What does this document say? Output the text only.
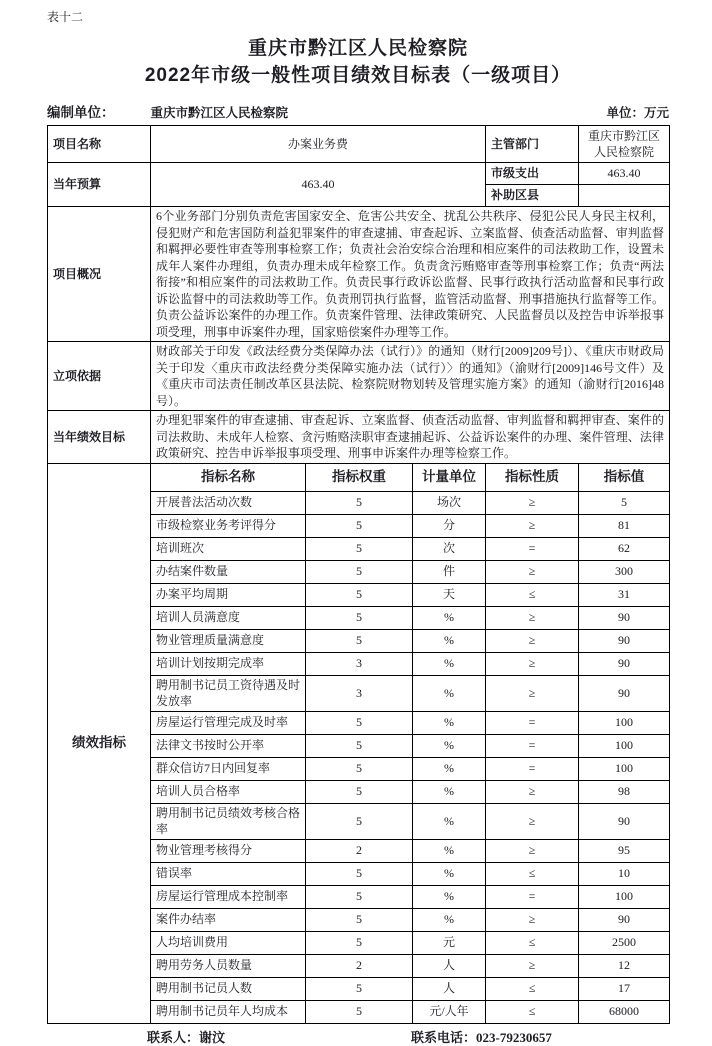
表十二
重庆市黔江区人民检察院
2022年市级一般性项目绩效目标表（一级项目）
编制单位：	重庆市黔江区人民检察院	单位：万元
项目名称	办案业务费			主管部门	重庆市黔江区人民检察院
当年预算	463.40			市级支出	463.40
				补助区县	
项目概况	6个业务部门分别负责危害国家安全、危害公共安全、扰乱公共秩序、侵犯公民人身民主权利，侵犯财产和危害国防利益犯罪案件的审查逮捕、审查起诉、立案监督、侦查活动监督、审判监督和羁押必要性审查等刑事检察工作；负责社会治安综合治理和相应案件的司法救助工作，设置未成年人案件办理组，负责办理未成年检察工作。负责贪污贿赂审查等刑事检察工作；负责“两法衔接”和相应案件的司法救助工作。负责民事行政诉讼监督、民事行政执行活动监督和民事行政诉讼监督中的司法救助等工作。负责刑罚执行监督，监管活动监督、刑事措施执行监督等工作。负责公益诉讼案件的办理工作。负责案件管理、法律政策研究、人民监督员以及控告申诉举报事项受理，刑事申诉案件办理，国家赔偿案件办理等工作。				
立项依据	财政部关于印发《政法经费分类保障办法（试行）》的通知（财行[2009]209号]）、《重庆市财政局关于印发〈重庆市政法经费分类保障实施办法（试行）〉的通知》（渝财行[2009]146号文件）及《重庆市司法责任制改革区县法院、检察院财物划转及管理实施方案》的通知（渝财行[2016]48号）。				
当年绩效目标	办理犯罪案件的审查逮捕、审查起诉、立案监督、侦查活动监督、审判监督和羁押审查、案件的司法救助、未成年人检察、贪污贿赂渎职审查逮捕起诉、公益诉讼案件的办理、案件管理、法律政策研究、控告申诉举报事项受理、刑事申诉案件办理等检察工作。				
绩效指标	指标名称	指标权重	计量单位	指标性质	指标值
	开展普法活动次数	5	场次	≥	5
	市级检察业务考评得分	5	分	≥	81
	培训班次	5	次	=	62
	办结案件数量	5	件	≥	300
	办案平均周期	5	天	≤	31
	培训人员满意度	5	%	≥	90
	物业管理质量满意度	5	%	≥	90
	培训计划按期完成率	3	%	≥	90
	聘用制书记员工资待遇及时发放率	3	%	≥	90
	房屋运行管理完成及时率	5	%	=	100
	法律文书按时公开率	5	%	=	100
	群众信访7日内回复率	5	%	=	100
	培训人员合格率	5	%	≥	98
	聘用制书记员绩效考核合格率	5	%	≥	90
	物业管理考核得分	2	%	≥	95
	错误率	5	%	≤	10
	房屋运行管理成本控制率	5	%	=	100
	案件办结率	5	%	≥	90
	人均培训费用	5	元	≤	2500
	聘用劳务人员数量	2	人	≥	12
	聘用制书记员人数	5	人	≤	17
	聘用制书记员年人均成本	5	元/人年	≤	68000
联系人：谢汶	联系电话：023-79230657
